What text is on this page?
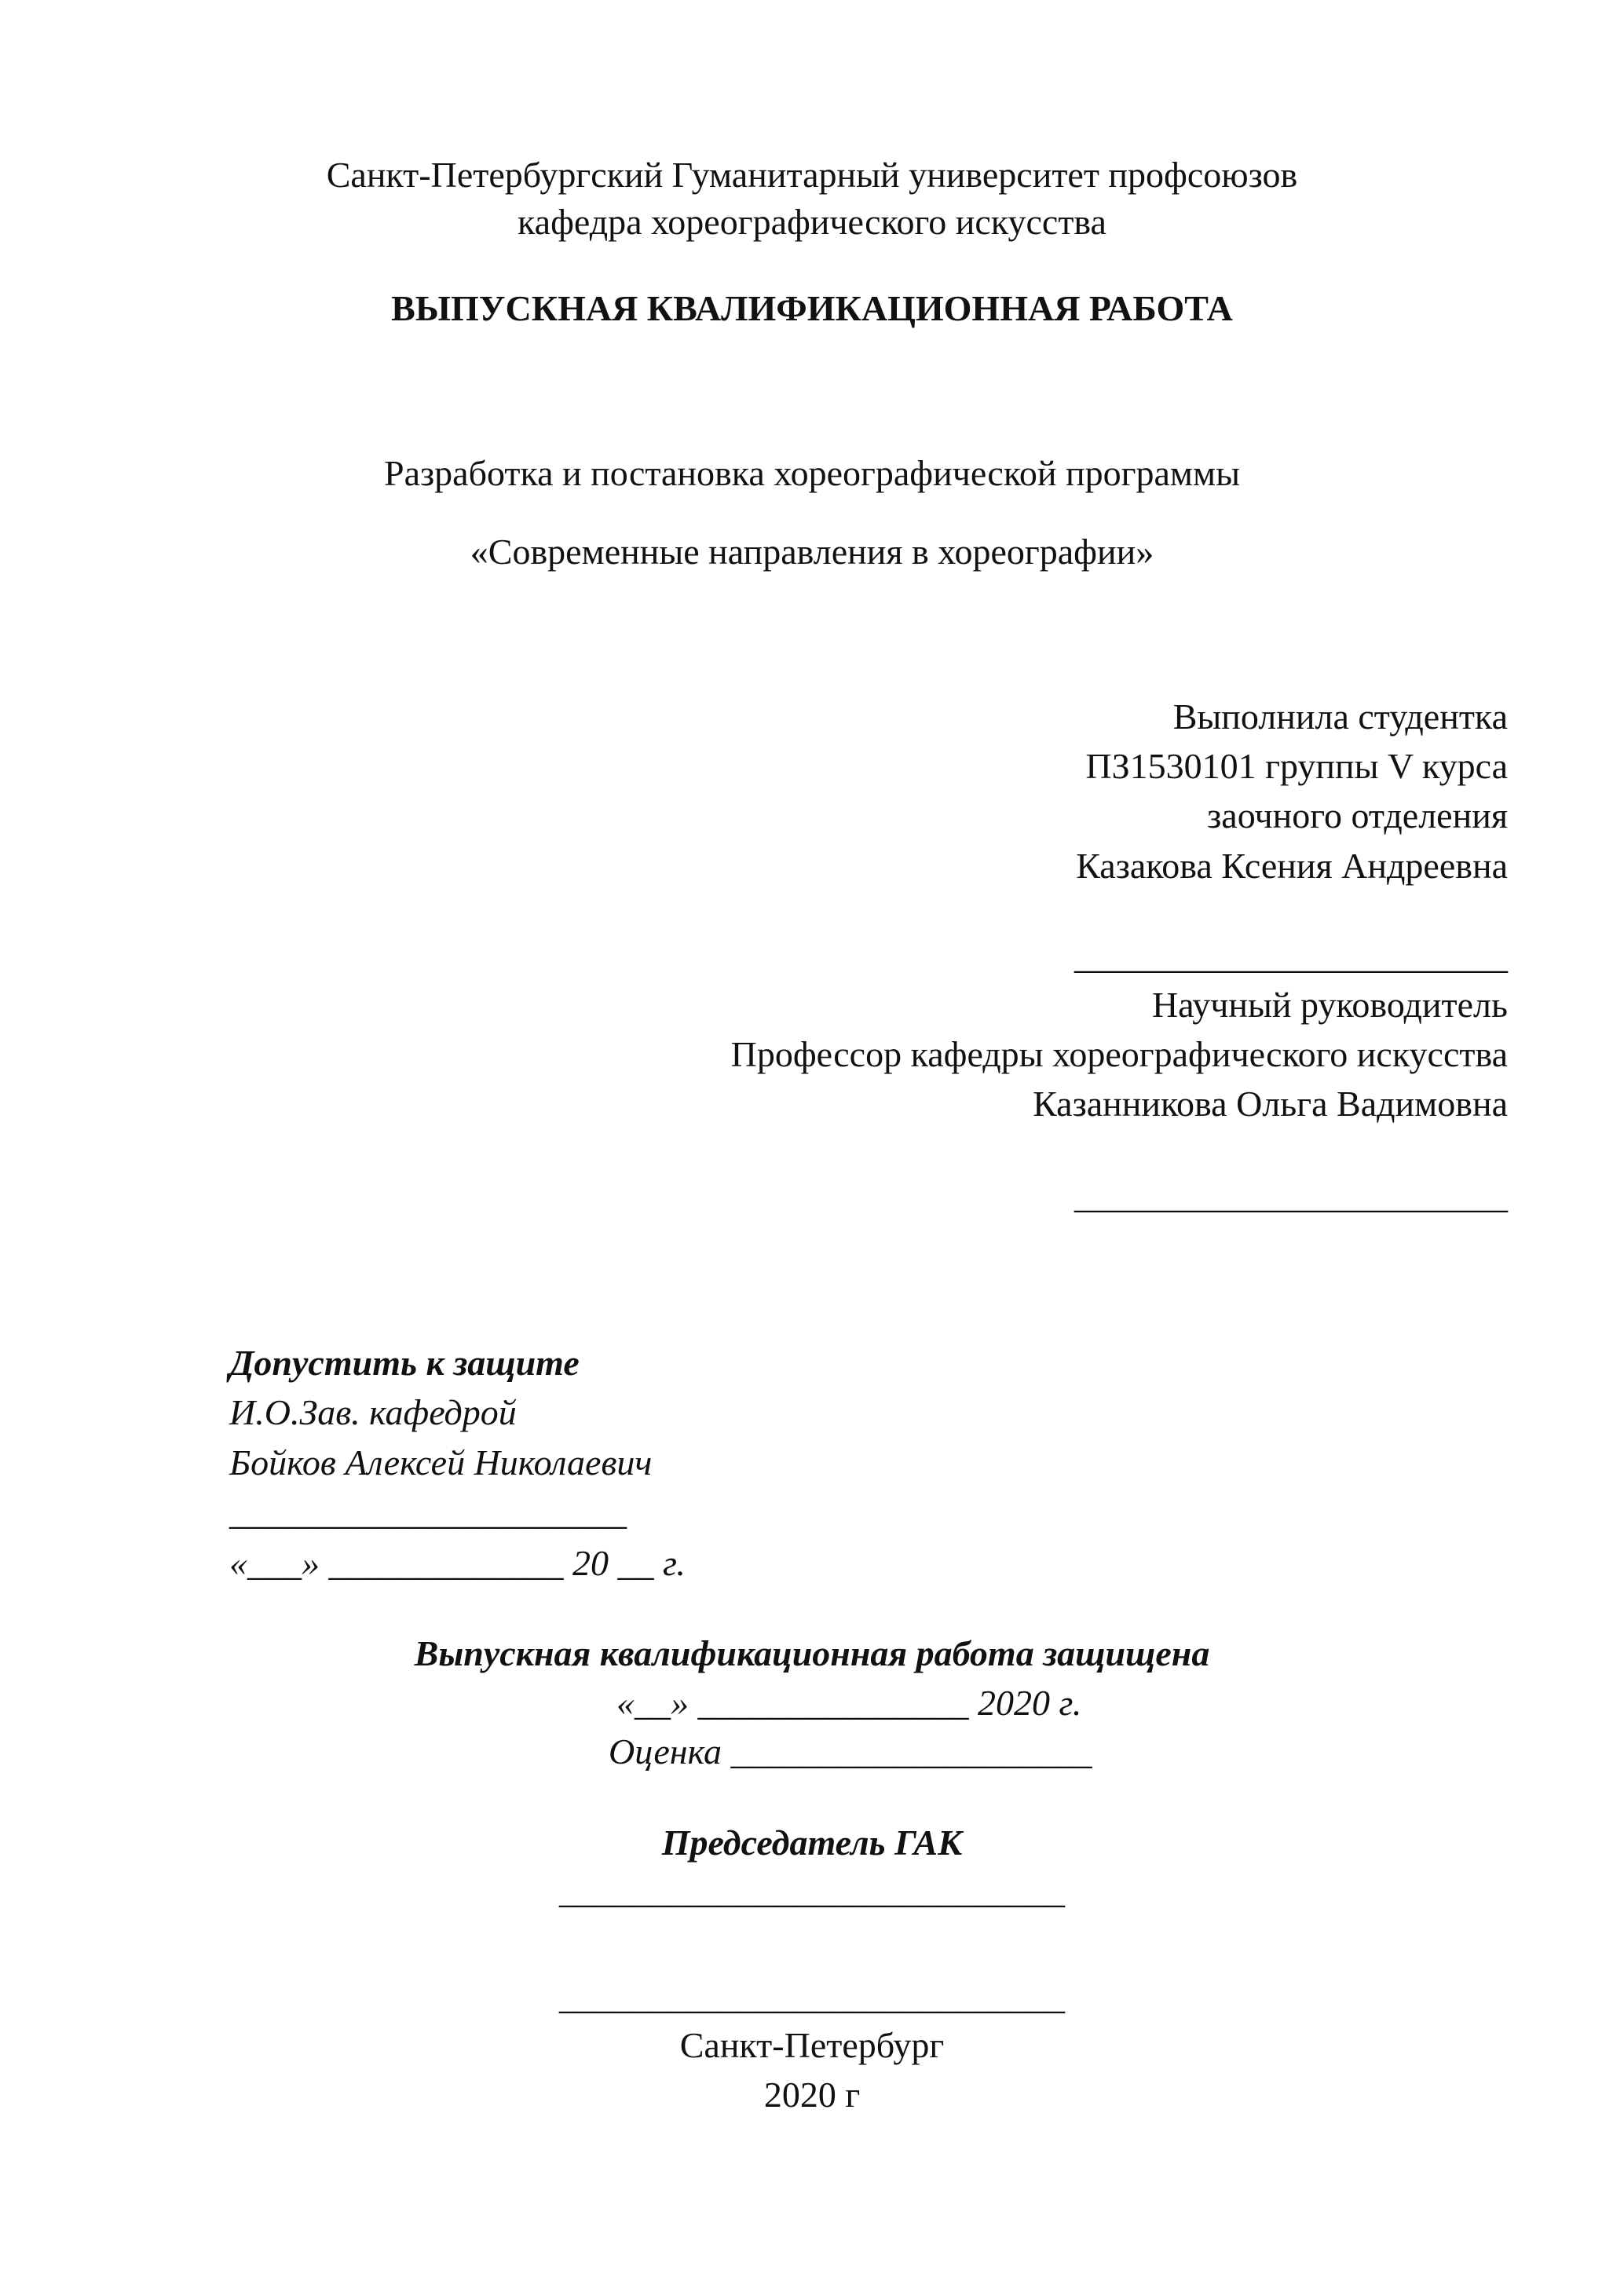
Санкт-Петербургский Гуманитарный университет профсоюзов
кафедра хореографического искусства
ВЫПУСКНАЯ КВАЛИФИКАЦИОННАЯ РАБОТА
Разработка и постановка хореографической программы
«Современные направления в хореографии»
Выполнила студентка
ПЗ1530101 группы V курса
заочного отделения
Казакова Ксения Андреевна
________________________
Научный руководитель
Профессор кафедры хореографического искусства
Казанникова Ольга Вадимовна
________________________
Допустить к защите
И.О.Зав. кафедрой
Бойков Алексей Николаевич
______________________
«___» _____________ 20 __ г.
Выпускная квалификационная работа защищена
«__» _______________ 2020 г.
Оценка ____________________
Председатель ГАК
____________________________
____________________________
Санкт-Петербург
2020 г
